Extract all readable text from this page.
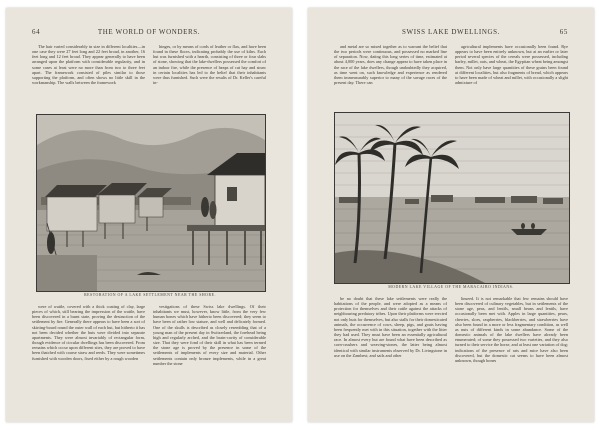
64	THE WORLD OF WONDERS.

The hair varied considerably in size in different localities—in one case they were 27 feet long and 22 feet broad, in another, 16 feet long and 12 feet broad. They appear generally to have been arranged upon the platform with considerable regularity, and in some cases at least were no more than from two to three feet apart. The framework consisted of piles similar to those supporting the platform, and often shows no little skill in the workmanship. The walls between the framework

hinges, or by means of cords of leather or flax, and have been found in these floors, indicating probably the use of kilns. Each hut was furnished with a hearth, consisting of three or four slabs of stone, showing that the lake-dwellers possessed the comfort of an indoor fire, while the presence of heaps of cut hay and straw in certain localities has led to the belief that their inhabitants were thus furnished. Such were the results of Dr. Keller's careful in-

RESTORATION OF A LAKE SETTLEMENT NEAR THE SHORE.

were of wattle, covered with a thick coating of clay, large pieces of which, still bearing the impression of the wattle, have been discovered in a burnt state, proving the destruction of the settlement by fire. Generally there appears to have been a sort of skirting-board round the outer wall of each hut, but hitherto it has not been decided whether the huts were divided into separate apartments. They were almost invariably of rectangular form, though evidence of circular dwellings has been discovered. From remains which occur upon different sites, they are proved to have been thatched with coarse straw and reeds. They were sometimes furnished with wooden doors, fixed either by a rough wooden

vestigations of these Swiss lake dwellings. Of their inhabitants we must, however, know little, from the very few human bones which have hitherto been discovered; they seem to have been of rather low stature, and well and delicately formed. One of the skulls is described as closely resembling that of a young man of the present day in Switzerland, the forehead being high and regularly arched, and the brain-cavity of considerable size. That they were fond of their skill in what has been termed the stone age is proved by the presence in some of the settlements of implements of every size and material. Other settlements contain only bronze implements, while in a great number the stone

SWISS LAKE DWELLINGS.	65

and metal are so mixed together as to warrant the belief that the two periods were continuous, and possessed no marked line of separation. Now, dating this long series of time, estimated at about 4,000 years, does any change appear to have taken place in the race of the lake dwellers, though undoubtedly they acquired, as time went on, such knowledge and experience as rendered them immeasurably superior to many of the savage races of the present day. There can

agricultural implements have occasionally been found. Rye appears to have been entirely unknown, but at an earlier or later period several species of the cereals were possessed, including barley, millet, oats, and wheat, the Egyptian wheat being amongst them. Not only have large quantities of these grains been found at different localities, but also fragments of bread, which appears to have been made of wheat and millet, with occasionally a slight admixture of

MODERN LAKE VILLAGE OF THE MARACAIBO INDIANS.

be no doubt that these lake settlements were really the habitations of the people, and were adopted as a means of protection for themselves and their cattle against the attacks of neighbouring predatory tribes. Upon their platforms were erected not only huts for themselves, but also stalls for their domesticated animals, the occurrence of cows, sheep, pigs, and goats having been frequently met with in this situation, together with the litter they had used. They must have been an essentially agricultural race. In almost every hut are found what have been described as corn-crushers and weaving-stones, the latter being almost identical with similar instruments observed by Dr. Livingstone in use on the Zambesi; and sails and other

linseed. It is not remarkable that few remains should have been discovered of culinary vegetables, but in settlements of the stone age, peas, and lentils, small beans and lentils, have occasionally been met with. Apples in large quantities, pears, cherries, sloes, raspberries, blackberries, and strawberries have also been found in a more or less fragmentary condition, as well as nuts of different kinds in some abundance. Some of the domestic animals of the lake dwellers have already been enumerated; of some they possessed two varieties, and they also turned to their service the horse, and at least one variation of dog; indications of the presence of rats and mice have also been discovered, but the domestic cat seems to have been almost unknown, though bones
